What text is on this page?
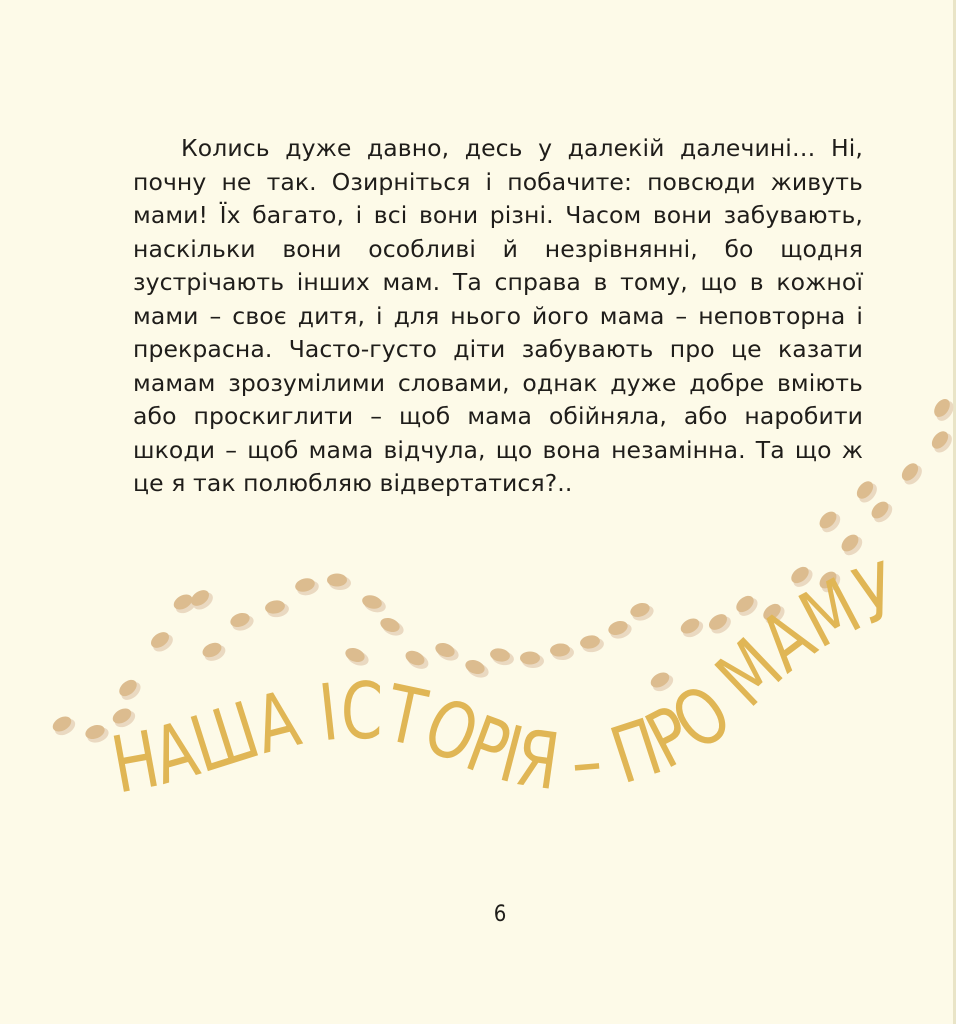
Колись дуже давно, десь у далекій далечині… Ні, почну не так. Озирніться і побачите: повсюди живуть мами! Їх багато, і всі вони різні. Часом вони забувають, наскільки вони особливі й незрівнянні, бо щодня зустрічають інших мам. Та справа в тому, що в кожної мами – своє дитя, і для нього його мама – неповторна і прекрасна. Часто-густо діти забувають про це казати мамам зрозумілими словами, однак дуже добре вміють або проскиглити – щоб мама обійняла, або наробити шкоди – щоб мама відчула, що вона незамінна. Та що ж це я так полюбляю відвертатися?..

НАША ІСТОРІЯ – ПРО МАМУ
6
